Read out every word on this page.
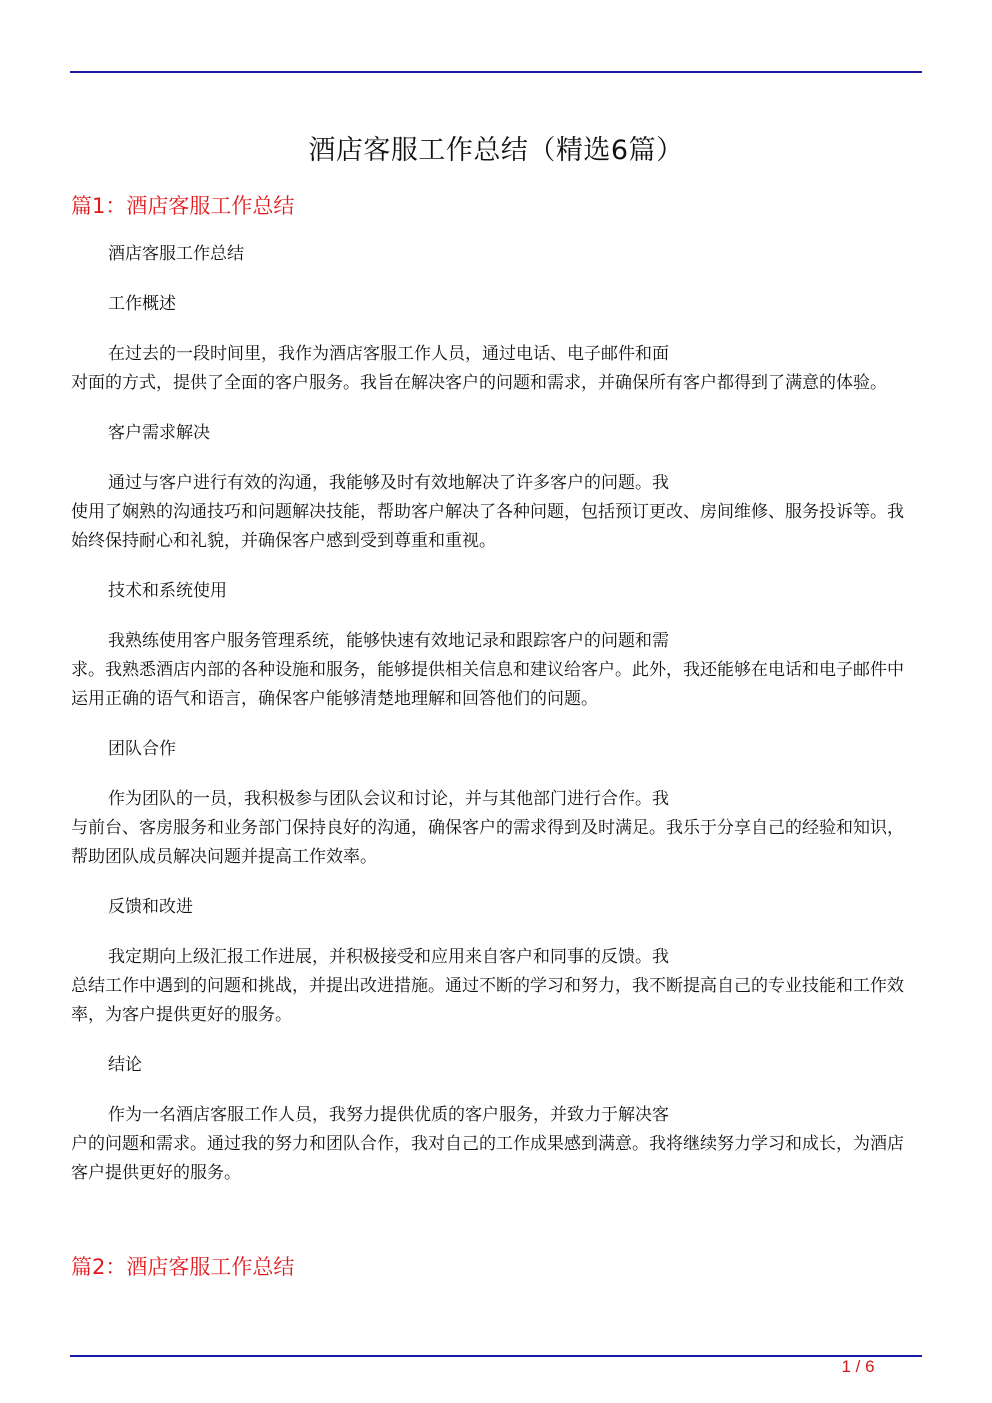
酒店客服工作总结（精选6篇）
篇1：酒店客服工作总结

酒店客服工作总结

工作概述

在过去的一段时间里，我作为酒店客服工作人员，通过电话、电子邮件和面
对面的方式，提供了全面的客户服务。我旨在解决客户的问题和需求，并确保所有客户都得到了满意的体验。

客户需求解决

通过与客户进行有效的沟通，我能够及时有效地解决了许多客户的问题。我
使用了娴熟的沟通技巧和问题解决技能，帮助客户解决了各种问题，包括预订更改、房间维修、服务投诉等。我始终保持耐心和礼貌，并确保客户感到受到尊重和重视。

技术和系统使用

我熟练使用客户服务管理系统，能够快速有效地记录和跟踪客户的问题和需
求。我熟悉酒店内部的各种设施和服务，能够提供相关信息和建议给客户。此外，我还能够在电话和电子邮件中运用正确的语气和语言，确保客户能够清楚地理解和回答他们的问题。

团队合作

作为团队的一员，我积极参与团队会议和讨论，并与其他部门进行合作。我
与前台、客房服务和业务部门保持良好的沟通，确保客户的需求得到及时满足。我乐于分享自己的经验和知识，帮助团队成员解决问题并提高工作效率。

反馈和改进

我定期向上级汇报工作进展，并积极接受和应用来自客户和同事的反馈。我
总结工作中遇到的问题和挑战，并提出改进措施。通过不断的学习和努力，我不断提高自己的专业技能和工作效率，为客户提供更好的服务。

结论

作为一名酒店客服工作人员，我努力提供优质的客户服务，并致力于解决客
户的问题和需求。通过我的努力和团队合作，我对自己的工作成果感到满意。我将继续努力学习和成长，为酒店客户提供更好的服务。
篇2：酒店客服工作总结
1 / 6
